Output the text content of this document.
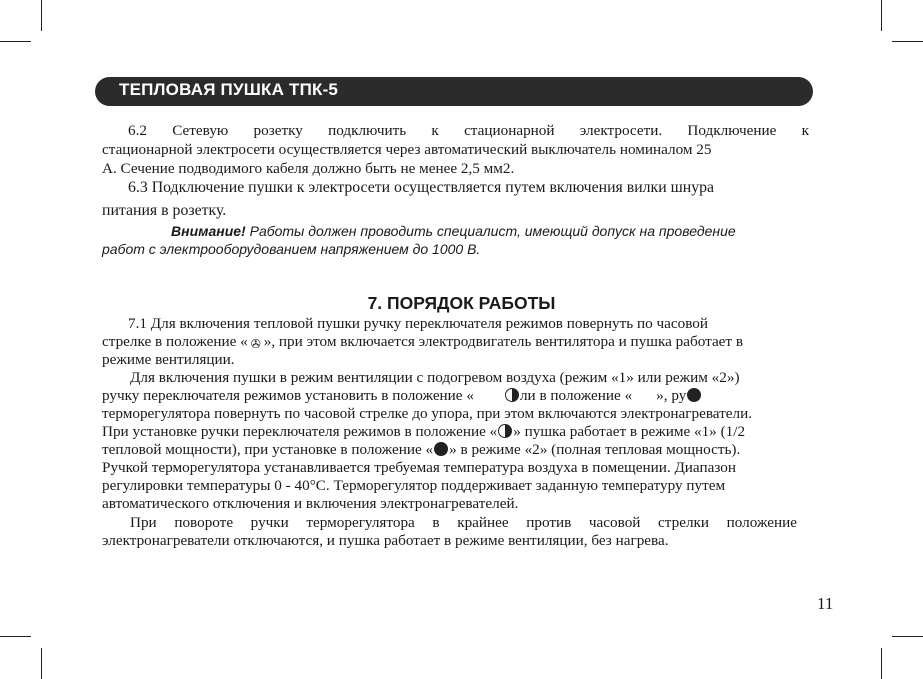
ТЕПЛОВАЯ ПУШКА ТПК-5
6.2 Сетевую розетку подключить к стационарной электросети. Подключение к
стационарной электросети осуществляется через автоматический выключатель номиналом 25
А. Сечение подводимого кабеля должно быть не менее 2,5 мм2.
6.3 Подключение пушки к электросети осуществляется путем включения вилки шнура
питания в розетку.
Внимание! Работы должен проводить специалист, имеющий допуск на проведение
работ с электрооборудованием напряжением до 1000 В.
7. ПОРЯДОК РАБОТЫ
7.1 Для включения тепловой пушки ручку переключателя режимов повернуть по часовой
стрелке в положение « ✇ », при этом включается электродвигатель вентилятора и пушка работает в
режиме вентиляции.
Для включения пушки в режим вентиляции с подогревом воздуха (режим «1» или режим «2»)
ручку переключателя режимов установить в положение «	ли в положение « », ру
терморегулятора повернуть по часовой стрелке до упора, при этом включаются электронагреватели.
При установке ручки переключателя режимов в положение « » пушка работает в режиме «1» (1/2
тепловой мощности), при установке в положение « » в режиме «2» (полная тепловая мощность).
Ручкой терморегулятора устанавливается требуемая температура воздуха в помещении. Диапазон
регулировки температуры 0 - 40°С. Терморегулятор поддерживает заданную температуру путем
автоматического отключения и включения электронагревателей.
При повороте ручки терморегулятора в крайнее против часовой стрелки положение
электронагреватели отключаются, и пушка работает в режиме вентиляции, без нагрева.
11
